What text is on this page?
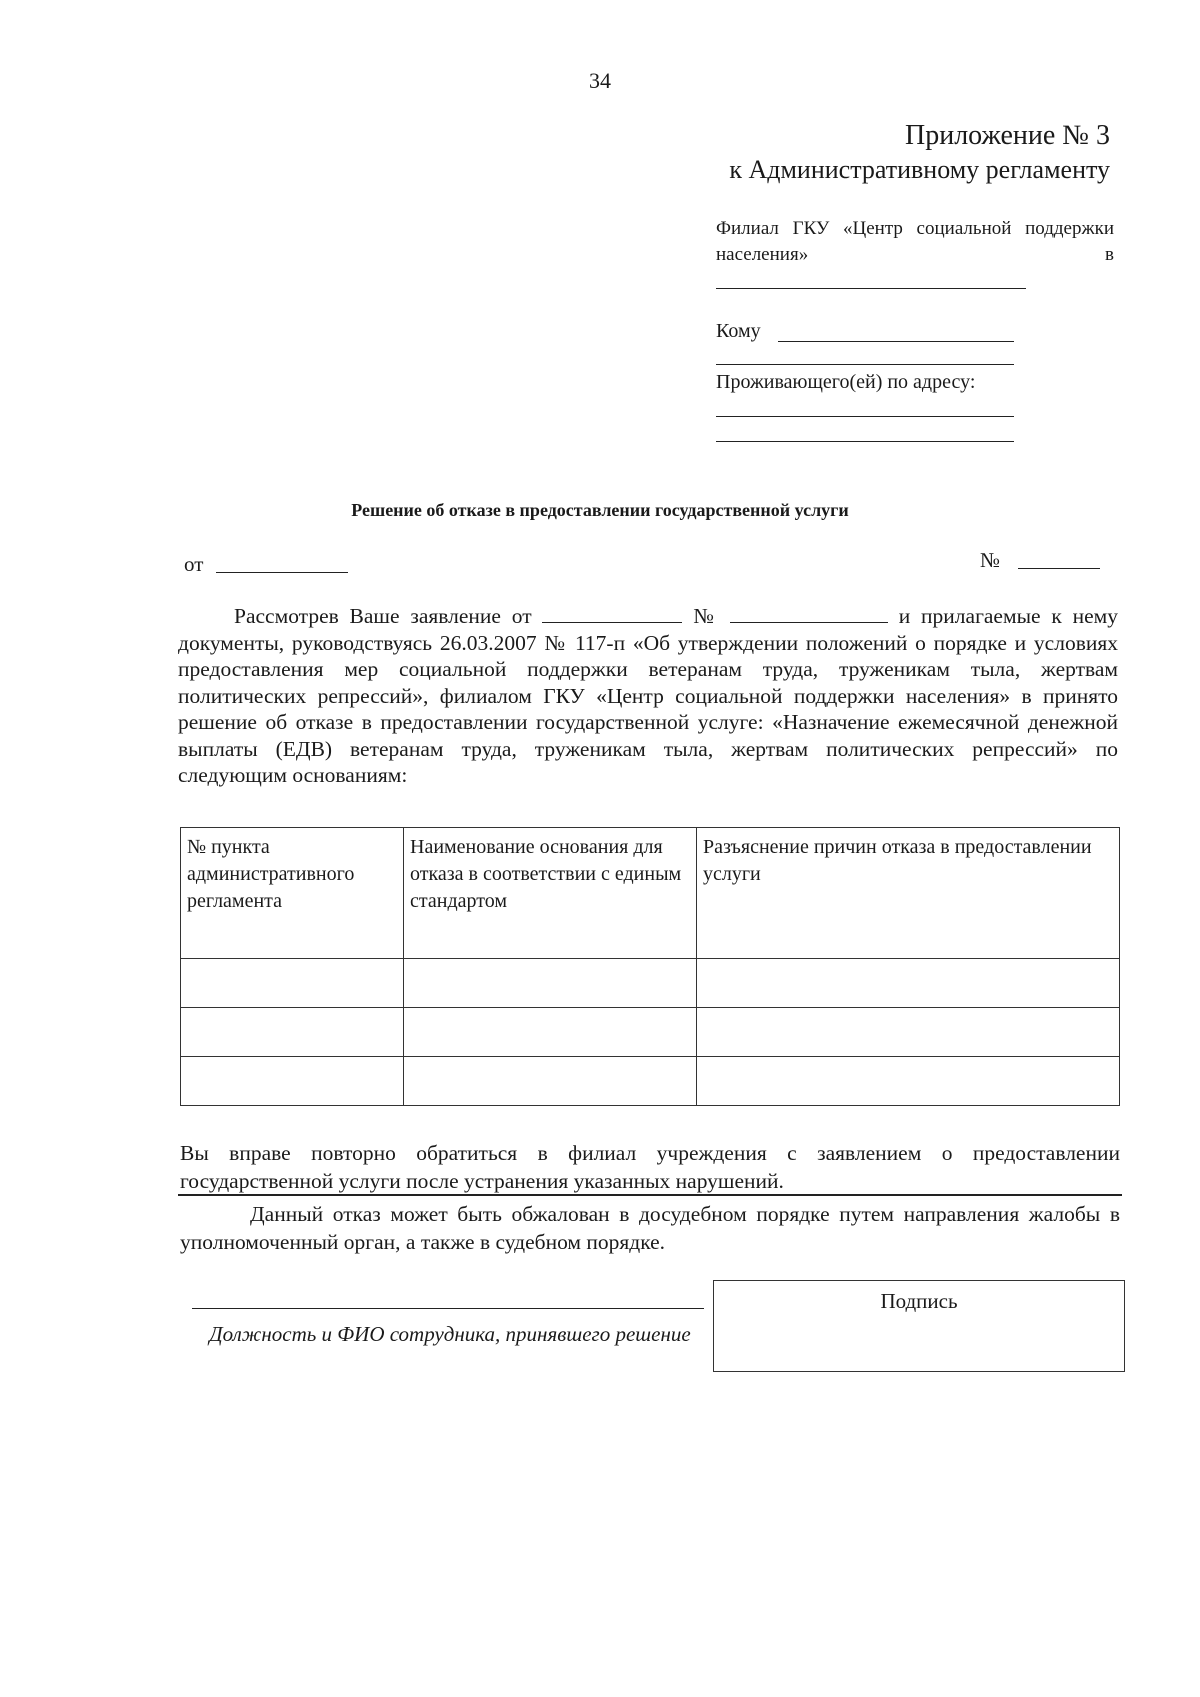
34
Приложение № 3
к Административному регламенту
Филиал ГКУ «Центр социальной поддержки населения» в
Кому
Проживающего(ей) по адресу:
Решение об отказе в предоставлении государственной услуги
от	№
Рассмотрев Ваше заявление от	№	и прилагаемые к нему документы, руководствуясь 26.03.2007 № 117-п «Об утверждении положений о порядке и условиях предоставления мер социальной поддержки ветеранам труда, труженикам тыла, жертвам политических репрессий», филиалом ГКУ «Центр социальной поддержки населения» в принято решение об отказе в предоставлении государственной услуге: «Назначение ежемесячной денежной выплаты (ЕДВ) ветеранам труда, труженикам тыла, жертвам политических репрессий» по следующим основаниям:
№ пункта административного регламента	Наименование основания для отказа в соответствии с единым стандартом	Разъяснение причин отказа в предоставлении услуги

Вы вправе повторно обратиться в филиал учреждения с заявлением о предоставлении государственной услуги после устранения указанных нарушений.
Данный отказ может быть обжалован в досудебном порядке путем направления жалобы в уполномоченный орган, а также в судебном порядке.
Должность и ФИО сотрудника, принявшего решение
Подпись
